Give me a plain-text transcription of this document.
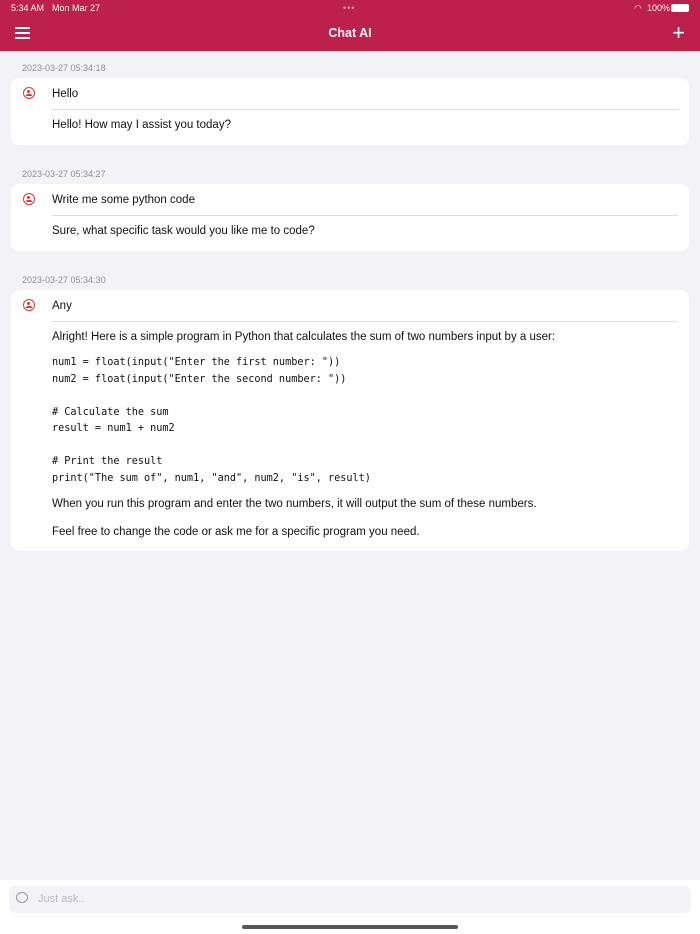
5:34 AM Mon Mar 27	•••	◠ 100%
Chat AI	+
2023-03-27 05:34:18
Hello

Hello! How may I assist you today?

2023-03-27 05:34:27
Write me some python code

Sure, what specific task would you like me to code?

2023-03-27 05:34:30
Any

Alright! Here is a simple program in Python that calculates the sum of two numbers input by a user:

num1 = float(input("Enter the first number: "))
num2 = float(input("Enter the second number: "))

# Calculate the sum
result = num1 + num2

# Print the result
print("The sum of", num1, "and", num2, "is", result)

When you run this program and enter the two numbers, it will output the sum of these numbers.

Feel free to change the code or ask me for a specific program you need.

Just ask..
